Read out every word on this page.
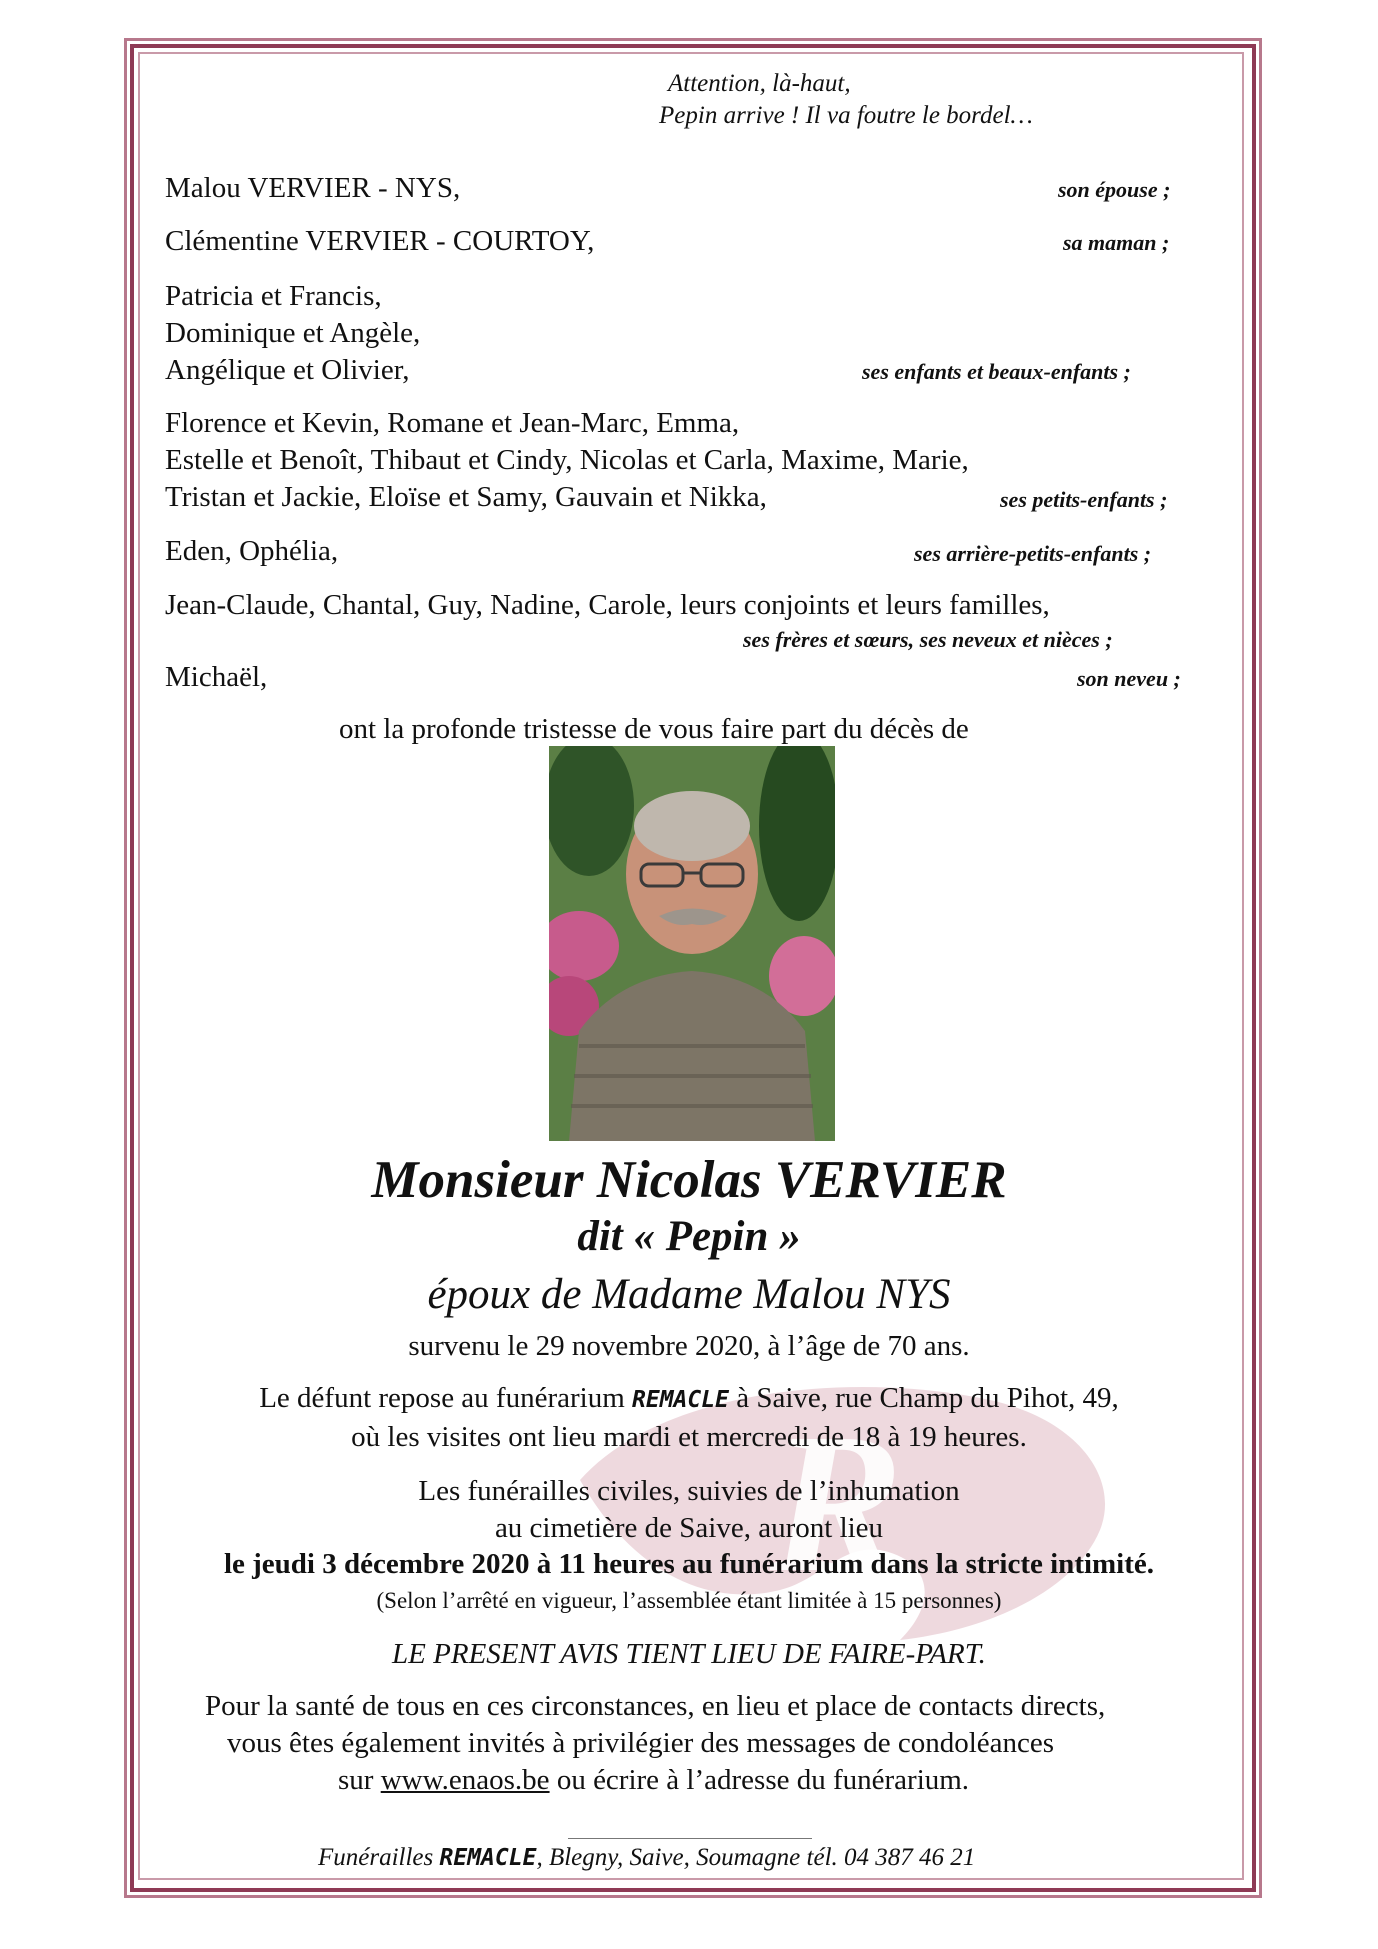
R
Attention, là-haut,
Pepin arrive ! Il va foutre le bordel…
Malou VERVIER - NYS,	son épouse ;
Clémentine VERVIER - COURTOY,	sa maman ;
Patricia et Francis,
Dominique et Angèle,
Angélique et Olivier,	ses enfants et beaux-enfants ;
Florence et Kevin, Romane et Jean-Marc, Emma,
Estelle et Benoît, Thibaut et Cindy, Nicolas et Carla, Maxime, Marie,
Tristan et Jackie, Eloïse et Samy, Gauvain et Nikka,	ses petits-enfants ;
Eden, Ophélia,	ses arrière-petits-enfants ;
Jean-Claude, Chantal, Guy, Nadine, Carole, leurs conjoints et leurs familles,
ses frères et sœurs, ses neveux et nièces ;
Michaël,	son neveu ;
ont la profonde tristesse de vous faire part du décès de
Monsieur Nicolas VERVIER
dit « Pepin »
époux de Madame Malou NYS
survenu le 29 novembre 2020, à l’âge de 70 ans.
Le défunt repose au funérarium REMACLE à Saive, rue Champ du Pihot, 49,
où les visites ont lieu mardi et mercredi de 18 à 19 heures.
Les funérailles civiles, suivies de l’inhumation
au cimetière de Saive, auront lieu
le jeudi 3 décembre 2020 à 11 heures au funérarium dans la stricte intimité.
(Selon l’arrêté en vigueur, l’assemblée étant limitée à 15 personnes)
LE PRESENT AVIS TIENT LIEU DE FAIRE-PART.
Pour la santé de tous en ces circonstances, en lieu et place de contacts directs,
vous êtes également invités à privilégier des messages de condoléances
sur www.enaos.be ou écrire à l’adresse du funérarium.
Funérailles REMACLE, Blegny, Saive, Soumagne tél. 04 387 46 21
